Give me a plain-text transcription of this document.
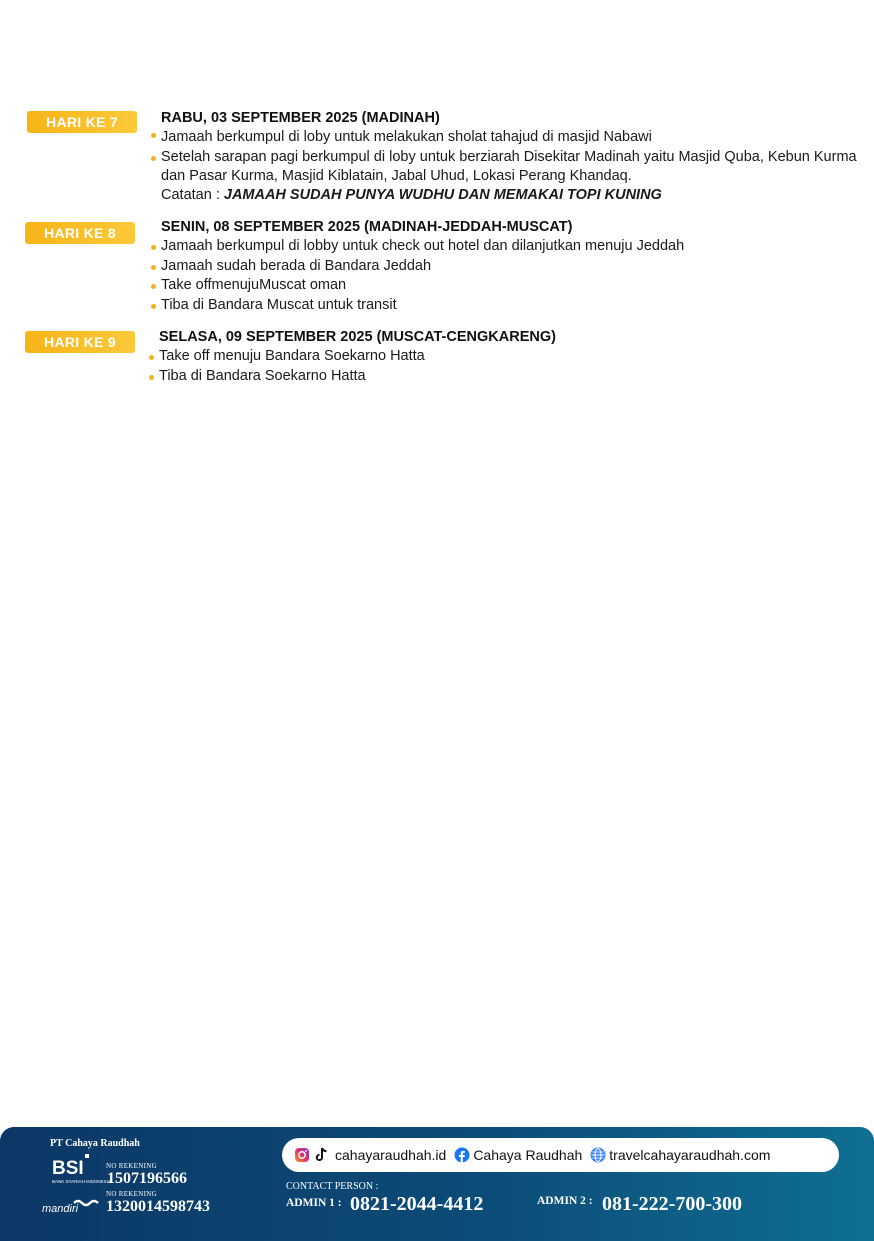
HARI KE 7	RABU, 03 SEPTEMBER 2025 (MADINAH)
Jamaah berkumpul di loby untuk melakukan sholat tahajud di masjid Nabawi
Setelah sarapan pagi berkumpul di loby untuk berziarah Disekitar Madinah yaitu Masjid Quba, Kebun Kurma dan Pasar Kurma, Masjid Kiblatain, Jabal Uhud, Lokasi Perang Khandaq.
Catatan : JAMAAH SUDAH PUNYA WUDHU DAN MEMAKAI TOPI KUNING
HARI KE 8	SENIN, 08 SEPTEMBER 2025 (MADINAH-JEDDAH-MUSCAT)
Jamaah berkumpul di lobby untuk check out hotel dan dilanjutkan menuju Jeddah
Jamaah sudah berada di Bandara Jeddah
Take offmenujuMuscat oman
Tiba di Bandara Muscat untuk transit
HARI KE 9	SELASA, 09 SEPTEMBER 2025 (MUSCAT-CENGKARENG)
Take off menuju Bandara Soekarno Hatta
Tiba di Bandara Soekarno Hatta
PT Cahaya Raudhah
BSI
BANK SYARIAH INDONESIA
NO REKENING
1507196566
mandiri
NO REKENING
1320014598743
cahayaraudhah.id Cahaya Raudhah travelcahayaraudhah.com
CONTACT PERSON :
ADMIN 1 : 0821-2044-4412	ADMIN 2 : 081-222-700-300
